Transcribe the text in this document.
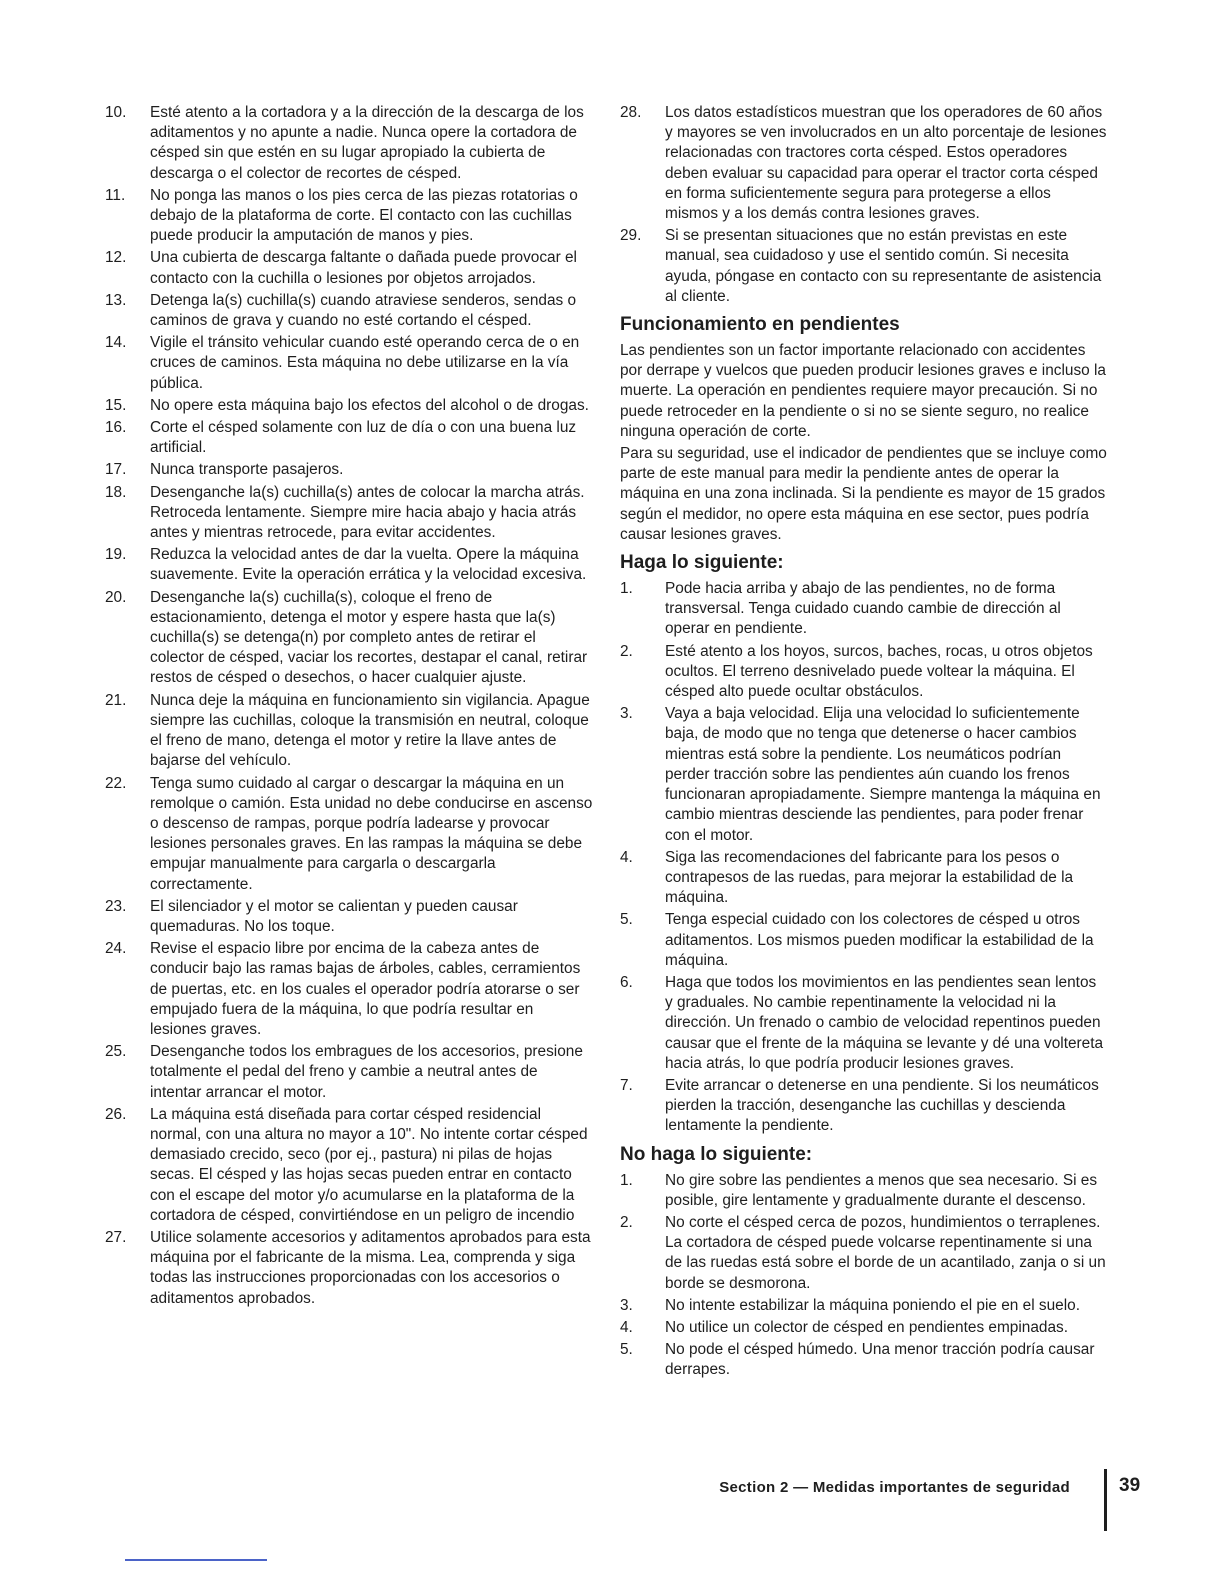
10.	Esté atento a la cortadora y a la dirección de la descarga de los aditamentos y no apunte a nadie. Nunca opere la cortadora de césped sin que estén en su lugar apropiado la cubierta de descarga o el colector de recortes de césped.
11.	No ponga las manos o los pies cerca de las piezas rotatorias o debajo de la plataforma de corte. El contacto con las cuchillas puede producir la amputación de manos y pies.
12.	Una cubierta de descarga faltante o dañada puede provocar el contacto con la cuchilla o lesiones por objetos arrojados.
13.	Detenga la(s) cuchilla(s) cuando atraviese senderos, sendas o caminos de grava y cuando no esté cortando el césped.
14.	Vigile el tránsito vehicular cuando esté operando cerca de o en cruces de caminos. Esta máquina no debe utilizarse en la vía pública.
15.	No opere esta máquina bajo los efectos del alcohol o de drogas.
16.	Corte el césped solamente con luz de día o con una buena luz artificial.
17.	Nunca transporte pasajeros.
18.	Desenganche la(s) cuchilla(s) antes de colocar la marcha atrás. Retroceda lentamente. Siempre mire hacia abajo y hacia atrás antes y mientras retrocede, para evitar accidentes.
19.	Reduzca la velocidad antes de dar la vuelta. Opere la máquina suavemente. Evite la operación errática y la velocidad excesiva.
20.	Desenganche la(s) cuchilla(s), coloque el freno de estacionamiento, detenga el motor y espere hasta que la(s) cuchilla(s) se detenga(n) por completo antes de retirar el colector de césped, vaciar los recortes, destapar el canal, retirar restos de césped o desechos, o hacer cualquier ajuste.
21.	Nunca deje la máquina en funcionamiento sin vigilancia. Apague siempre las cuchillas, coloque la transmisión en neutral, coloque el freno de mano, detenga el motor y retire la llave antes de bajarse del vehículo.
22.	Tenga sumo cuidado al cargar o descargar la máquina en un remolque o camión. Esta unidad no debe conducirse en ascenso o descenso de rampas, porque podría ladearse y provocar lesiones personales graves. En las rampas la máquina se debe empujar manualmente para cargarla o descargarla correctamente.
23.	El silenciador y el motor se calientan y pueden causar quemaduras. No los toque.
24.	Revise el espacio libre por encima de la cabeza antes de conducir bajo las ramas bajas de árboles, cables, cerramientos de puertas, etc. en los cuales el operador podría atorarse o ser empujado fuera de la máquina, lo que podría resultar en lesiones graves.
25.	Desenganche todos los embragues de los accesorios, presione totalmente el pedal del freno y cambie a neutral antes de intentar arrancar el motor.
26.	La máquina está diseñada para cortar césped residencial normal, con una altura no mayor a 10". No intente cortar césped demasiado crecido, seco (por ej., pastura) ni pilas de hojas secas. El césped y las hojas secas pueden entrar en contacto con el escape del motor y/o acumularse en la plataforma de la cortadora de césped, convirtiéndose en un peligro de incendio
27.	Utilice solamente accesorios y aditamentos aprobados para esta máquina por el fabricante de la misma. Lea, comprenda y siga todas las instrucciones proporcionadas con los accesorios o aditamentos aprobados.
28.	Los datos estadísticos muestran que los operadores de 60 años y mayores se ven involucrados en un alto porcentaje de lesiones relacionadas con tractores corta césped. Estos operadores deben evaluar su capacidad para operar el tractor corta césped en forma suficientemente segura para protegerse a ellos mismos y a los demás contra lesiones graves.
29.	Si se presentan situaciones que no están previstas en este manual, sea cuidadoso y use el sentido común. Si necesita ayuda, póngase en contacto con su representante de asistencia al cliente.
Funcionamiento en pendientes

Las pendientes son un factor importante relacionado con accidentes por derrape y vuelcos que pueden producir lesiones graves e incluso la muerte. La operación en pendientes requiere mayor precaución. Si no puede retroceder en la pendiente o si no se siente seguro, no realice ninguna operación de corte.

Para su seguridad, use el indicador de pendientes que se incluye como parte de este manual para medir la pendiente antes de operar la máquina en una zona inclinada. Si la pendiente es mayor de 15 grados según el medidor, no opere esta máquina en ese sector, pues podría causar lesiones graves.

Haga lo siguiente:
1.	Pode hacia arriba y abajo de las pendientes, no de forma transversal. Tenga cuidado cuando cambie de dirección al operar en pendiente.
2.	Esté atento a los hoyos, surcos, baches, rocas, u otros objetos ocultos. El terreno desnivelado puede voltear la máquina. El césped alto puede ocultar obstáculos.
3.	Vaya a baja velocidad. Elija una velocidad lo suficientemente baja, de modo que no tenga que detenerse o hacer cambios mientras está sobre la pendiente. Los neumáticos podrían perder tracción sobre las pendientes aún cuando los frenos funcionaran apropiadamente. Siempre mantenga la máquina en cambio mientras desciende las pendientes, para poder frenar con el motor.
4.	Siga las recomendaciones del fabricante para los pesos o contrapesos de las ruedas, para mejorar la estabilidad de la máquina.
5.	Tenga especial cuidado con los colectores de césped u otros aditamentos. Los mismos pueden modificar la estabilidad de la máquina.
6.	Haga que todos los movimientos en las pendientes sean lentos y graduales. No cambie repentinamente la velocidad ni la dirección. Un frenado o cambio de velocidad repentinos pueden causar que el frente de la máquina se levante y dé una voltereta hacia atrás, lo que podría producir lesiones graves.
7.	Evite arrancar o detenerse en una pendiente. Si los neumáticos pierden la tracción, desenganche las cuchillas y descienda lentamente la pendiente.
No haga lo siguiente:
1.	No gire sobre las pendientes a menos que sea necesario. Si es posible, gire lentamente y gradualmente durante el descenso.
2.	No corte el césped cerca de pozos, hundimientos o terraplenes. La cortadora de césped puede volcarse repentinamente si una de las ruedas está sobre el borde de un acantilado, zanja o si un borde se desmorona.
3.	No intente estabilizar la máquina poniendo el pie en el suelo.
4.	No utilice un colector de césped en pendientes empinadas.
5.	No pode el césped húmedo. Una menor tracción podría causar derrapes.
Section 2 — Medidas importantes de seguridad	39
